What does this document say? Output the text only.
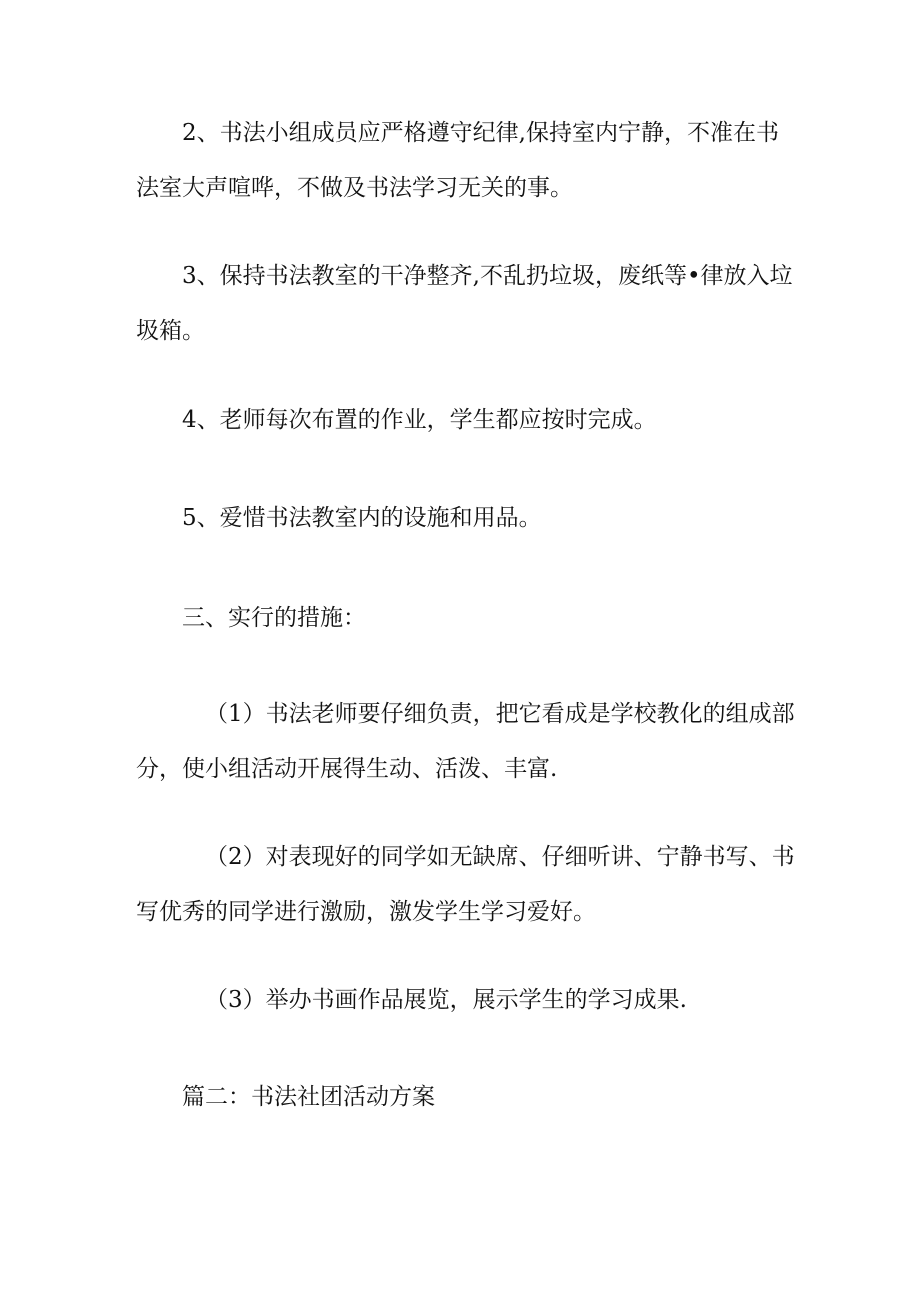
2、书法小组成员应严格遵守纪律,保持室内宁静，不准在书法室大声喧哗，不做及书法学习无关的事。

3、保持书法教室的干净整齐,不乱扔垃圾，废纸等•律放入垃圾箱。

4、老师每次布置的作业，学生都应按时完成。

5、爱惜书法教室内的设施和用品。

三、实行的措施：

（1）书法老师要仔细负责，把它看成是学校教化的组成部分，使小组活动开展得生动、活泼、丰富.

（2）对表现好的同学如无缺席、仔细听讲、宁静书写、书写优秀的同学进行激励，激发学生学习爱好。

（3）举办书画作品展览，展示学生的学习成果.

篇二：书法社团活动方案
